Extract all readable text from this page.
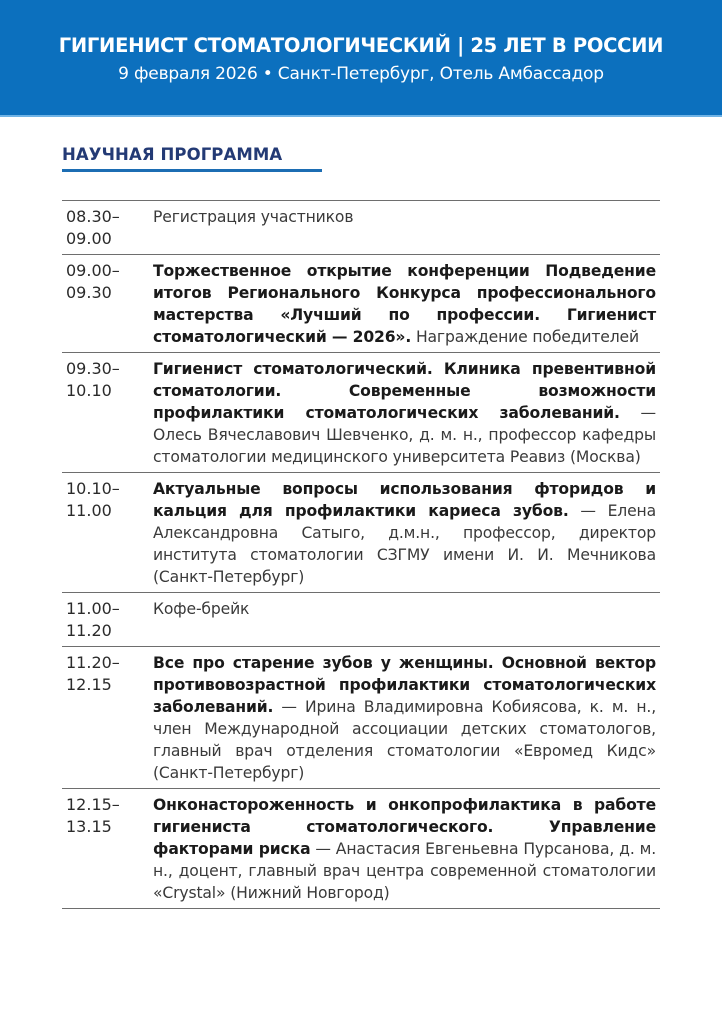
ГИГИЕНИСТ СТОМАТОЛОГИЧЕСКИЙ | 25 ЛЕТ В РОССИИ
9 февраля 2026 • Санкт-Петербург, Отель Амбассадор
НАУЧНАЯ ПРОГРАММА
08.30–
09.00
Регистрация участников
09.00–
09.30
Торжественное открытие конференции Подведение итогов Регионального Конкурса профессионального мастерства «Лучший по профессии. Гигиенист стоматологический — 2026». Награждение победителей
09.30–
10.10
Гигиенист стоматологический. Клиника превентивной стоматологии. Современные возможности профилактики стоматологических заболеваний. — Олесь Вячеславович Шевченко, д. м. н., профессор кафедры стоматологии медицинского университета Реавиз (Москва)
10.10–
11.00
Актуальные вопросы использования фторидов и кальция для профилактики кариеса зубов. — Елена Александровна Сатыго, д.м.н., профессор, директор института стоматологии СЗГМУ имени И. И. Мечникова (Санкт-Петербург)
11.00–
11.20
Кофе-брейк
11.20–
12.15
Все про старение зубов у женщины. Основной вектор противовозрастной профилактики стоматологических заболеваний. — Ирина Владимировна Кобиясова, к. м. н., член Международной ассоциации детских стоматологов, главный врач отделения стоматологии «Евромед Кидс» (Санкт-Петербург)
12.15–
13.15
Онконастороженность и онкопрофилактика в работе гигиениста стоматологического. Управление факторами риска — Анастасия Евгеньевна Пурсанова, д. м. н., доцент, главный врач центра современной стоматологии «Crystal» (Нижний Новгород)
